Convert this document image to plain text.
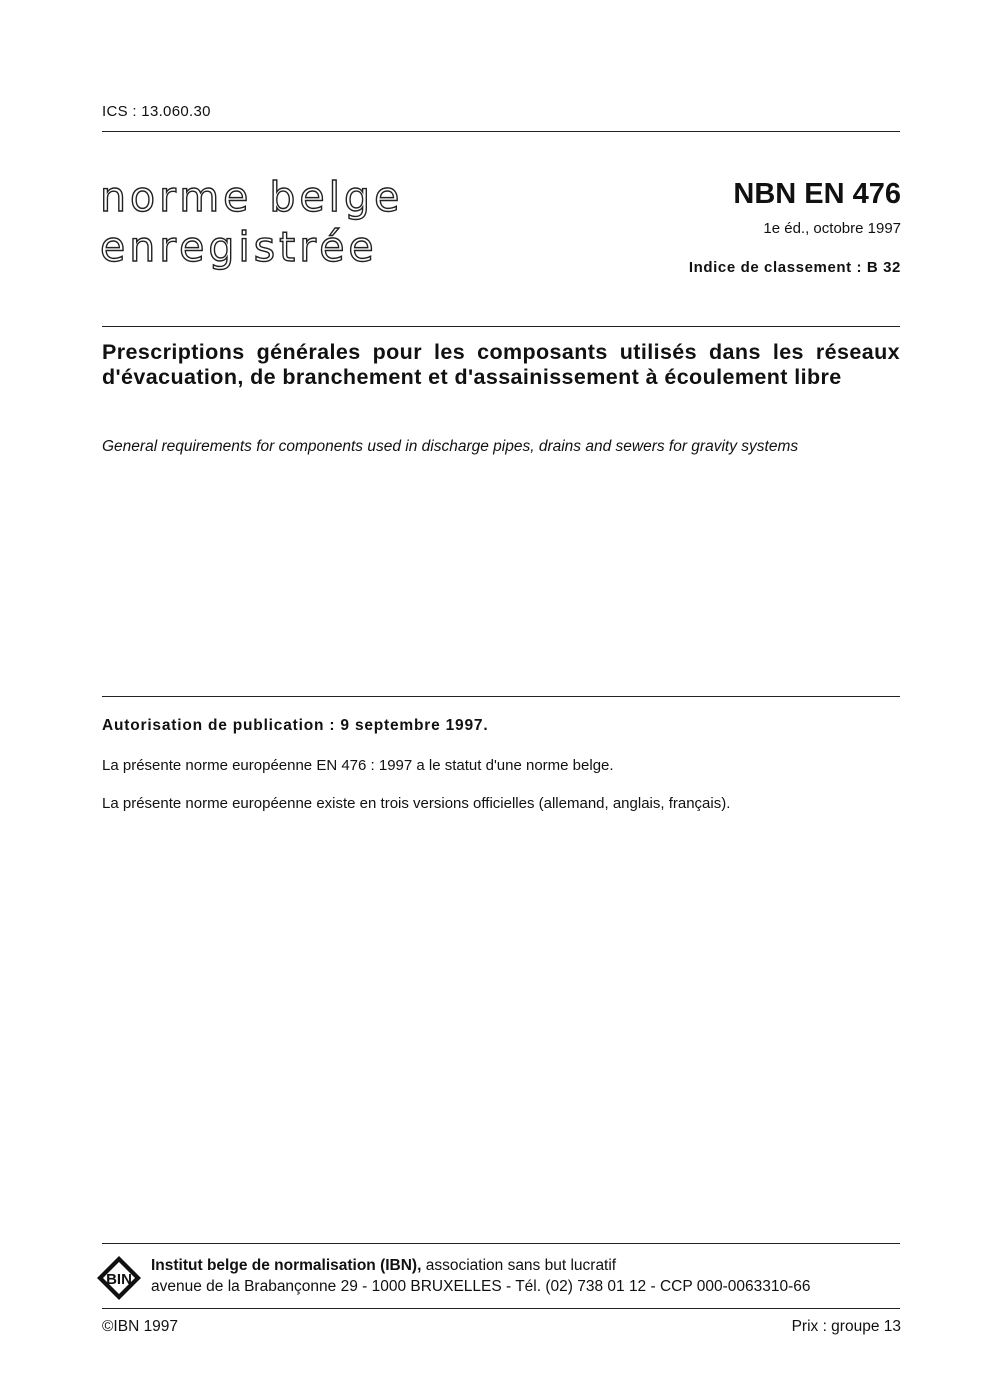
ICS : 13.060.30
norme belge
enregistrée
NBN EN 476
1e éd., octobre 1997
Indice de classement : B 32
Prescriptions générales pour les composants utilisés dans les réseaux d'évacuation, de branchement et d'assainissement à écoulement libre
General requirements for components used in discharge pipes, drains and sewers for gravity systems
Autorisation de publication : 9 septembre 1997.
La présente norme européenne EN 476 : 1997 a le statut d'une norme belge.
La présente norme européenne existe en trois versions officielles (allemand, anglais, français).
BIN
Institut belge de normalisation (IBN), association sans but lucratif
avenue de la Brabançonne 29 - 1000 BRUXELLES - Tél. (02) 738 01 12 - CCP 000-0063310-66
©IBN 1997	Prix : groupe 13
